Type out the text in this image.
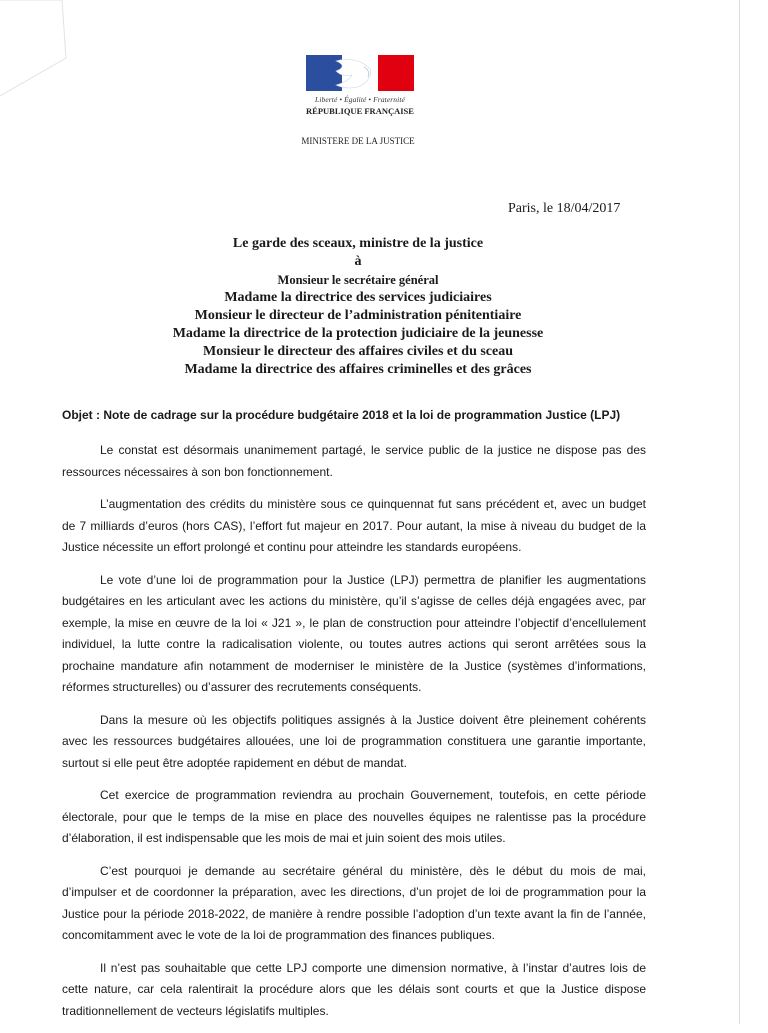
Liberté • Égalité • Fraternité
RÉPUBLIQUE FRANÇAISE
MINISTERE DE LA JUSTICE
Paris, le 18/04/2017
Le garde des sceaux, ministre de la justice
à
Monsieur le secrétaire général
Madame la directrice des services judiciaires
Monsieur le directeur de l’administration pénitentiaire
Madame la directrice de la protection judiciaire de la jeunesse
Monsieur le directeur des affaires civiles et du sceau
Madame la directrice des affaires criminelles et des grâces
Objet : Note de cadrage sur la procédure budgétaire 2018 et la loi de programmation Justice (LPJ)

Le constat est désormais unanimement partagé, le service public de la justice ne dispose pas des ressources nécessaires à son bon fonctionnement.

L’augmentation des crédits du ministère sous ce quinquennat fut sans précédent et, avec un budget de 7 milliards d’euros (hors CAS), l’effort fut majeur en 2017. Pour autant, la mise à niveau du budget de la Justice nécessite un effort prolongé et continu pour atteindre les standards européens.

Le vote d’une loi de programmation pour la Justice (LPJ) permettra de planifier les augmentations budgétaires en les articulant avec les actions du ministère, qu’il s’agisse de celles déjà engagées avec, par exemple, la mise en œuvre de la loi « J21 », le plan de construction pour atteindre l’objectif d’encellulement individuel, la lutte contre la radicalisation violente, ou toutes autres actions qui seront arrêtées sous la prochaine mandature afin notamment de moderniser le ministère de la Justice (systèmes d’informations, réformes structurelles) ou d’assurer des recrutements conséquents.

Dans la mesure où les objectifs politiques assignés à la Justice doivent être pleinement cohérents avec les ressources budgétaires allouées, une loi de programmation constituera une garantie importante, surtout si elle peut être adoptée rapidement en début de mandat.

Cet exercice de programmation reviendra au prochain Gouvernement, toutefois, en cette période électorale, pour que le temps de la mise en place des nouvelles équipes ne ralentisse pas la procédure d’élaboration, il est indispensable que les mois de mai et juin soient des mois utiles.

C’est pourquoi je demande au secrétaire général du ministère, dès le début du mois de mai, d’impulser et de coordonner la préparation, avec les directions, d’un projet de loi de programmation pour la Justice pour la période 2018-2022, de manière à rendre possible l’adoption d’un texte avant la fin de l’année, concomitamment avec le vote de la loi de programmation des finances publiques.

Il n’est pas souhaitable que cette LPJ comporte une dimension normative, à l’instar d’autres lois de cette nature, car cela ralentirait la procédure alors que les délais sont courts et que la Justice dispose traditionnellement de vecteurs législatifs multiples.
